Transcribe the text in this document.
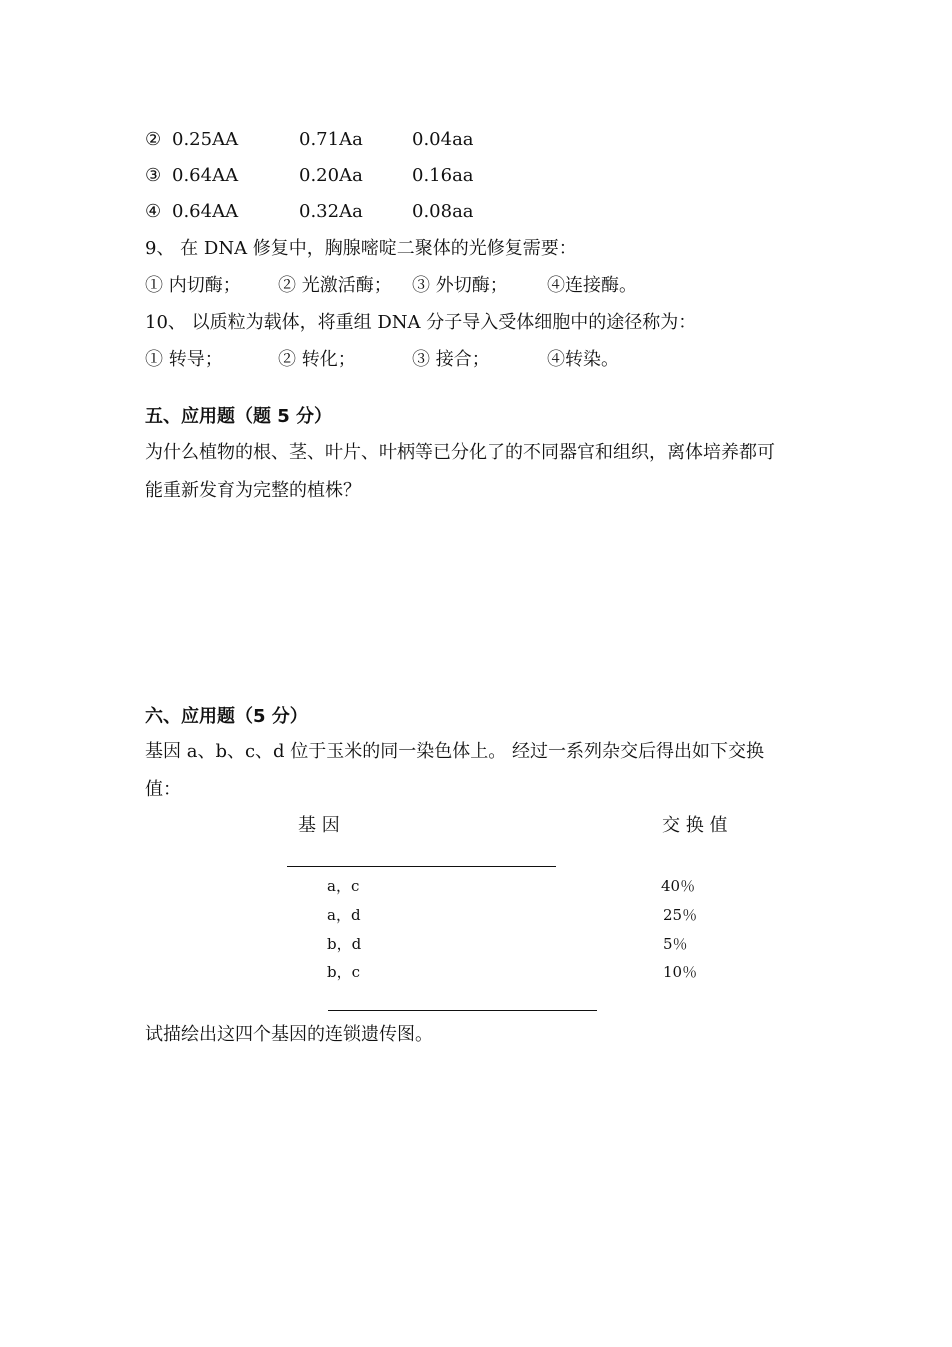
② 0.25AA	0.71Aa	0.04aa
③ 0.64AA	0.20Aa	0.16aa
④ 0.64AA	0.32Aa	0.08aa
9、 在 DNA 修复中，胸腺嘧啶二聚体的光修复需要：
① 内切酶； ② 光激活酶； ③ 外切酶； ④连接酶。
10、 以质粒为载体，将重组 DNA 分子导入受体细胞中的途径称为：
① 转导；	② 转化；	③ 接合；	④转染。
五、应用题（题 5 分）
为什么植物的根、茎、叶片、叶柄等已分化了的不同器官和组织，离体培养都可
能重新发育为完整的植株？
六、应用题（5 分）
基因 a、b、c、d 位于玉米的同一染色体上。 经过一系列杂交后得出如下交换
值：
基 因	交 换 值
a，c	40％
a，d	25％
b，d	5％
b，c	10％
试描绘出这四个基因的连锁遗传图。
